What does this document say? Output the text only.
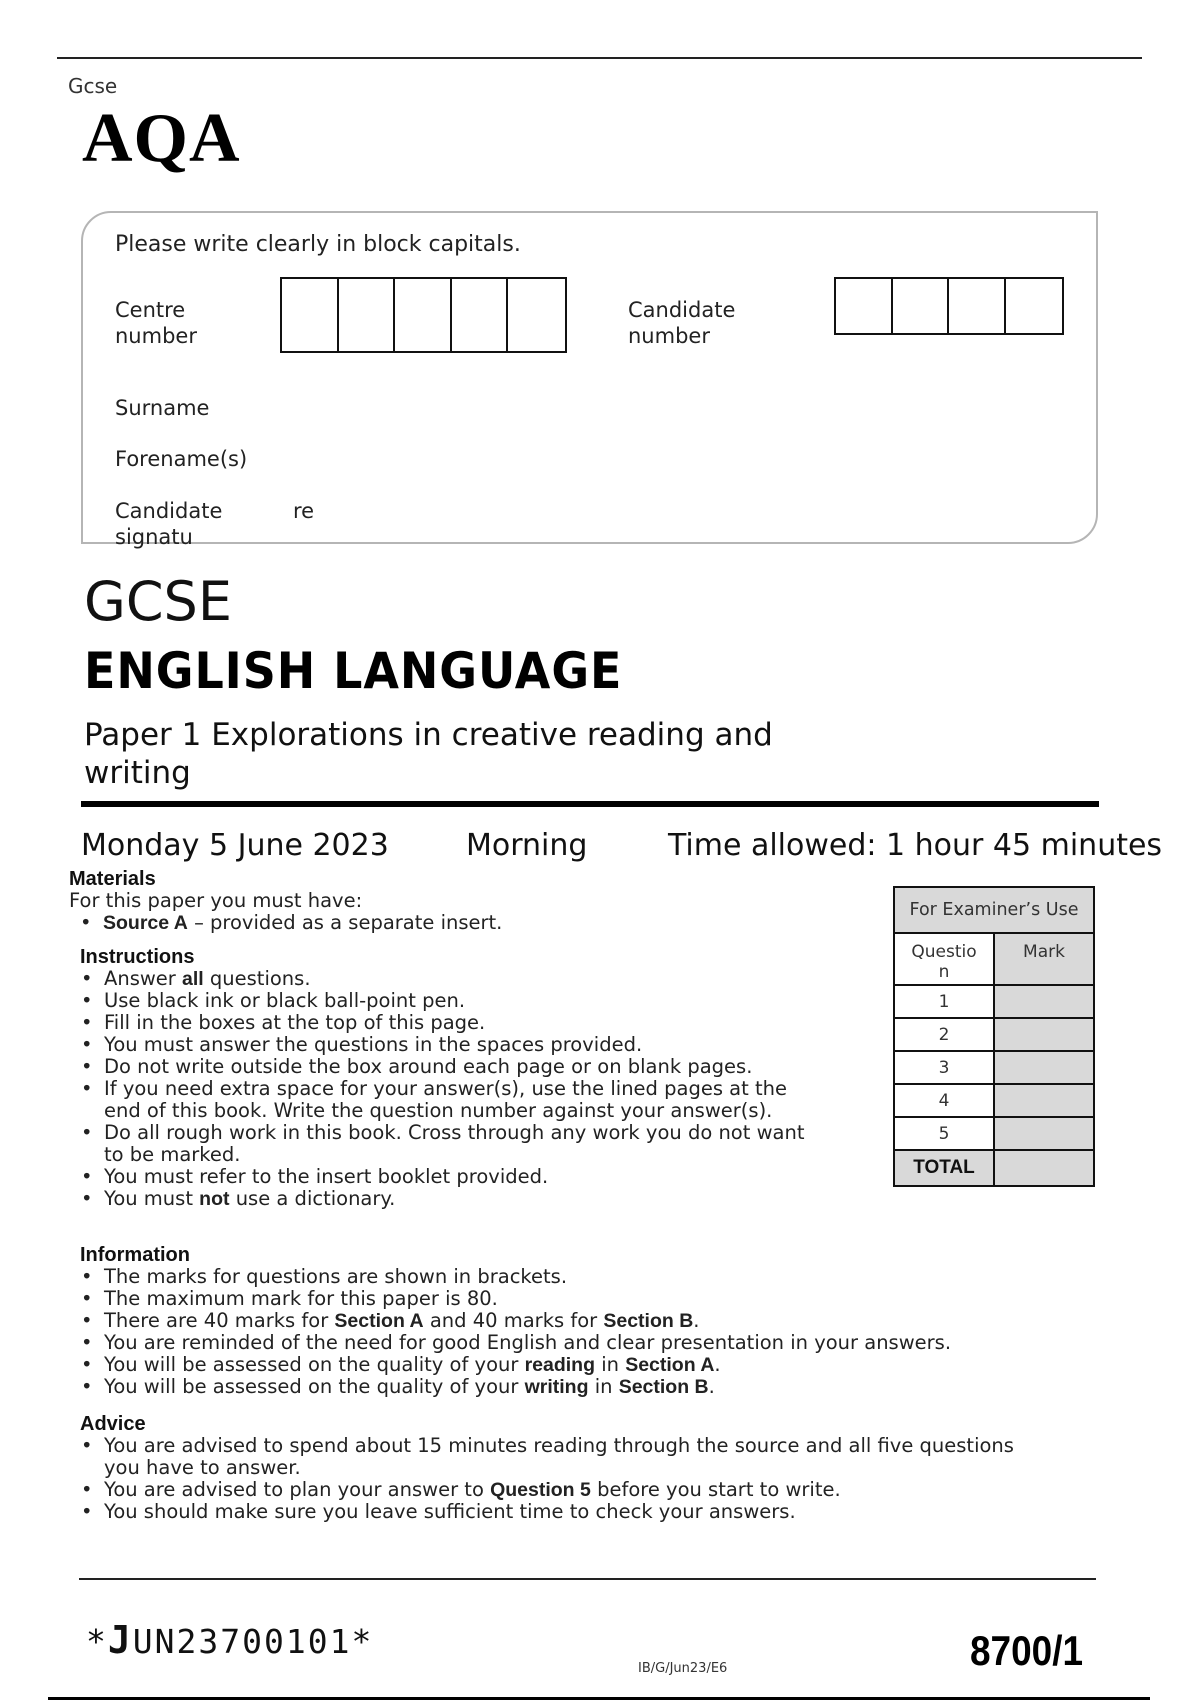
Gcse
AQA
Please write clearly in block capitals.
Centre
number
Candidate
number
Surname
Forename(s)
Candidate
signatu
re
GCSE
ENGLISH LANGUAGE
Paper 1 Explorations in creative reading and
writing
Monday 5 June 2023	Morning	Time allowed: 1 hour 45 minutes
Materials
For this paper you must have:
• Source A – provided as a separate insert.
Instructions
• Answer all questions.
• Use black ink or black ball-point pen.
• Fill in the boxes at the top of this page.
• You must answer the questions in the spaces provided.
• Do not write outside the box around each page or on blank pages.
• If you need extra space for your answer(s), use the lined pages at the end of this book. Write the question number against your answer(s).
• Do all rough work in this book. Cross through any work you do not want to be marked.
• You must refer to the insert booklet provided.
• You must not use a dictionary.
Information
• The marks for questions are shown in brackets.
• The maximum mark for this paper is 80.
• There are 40 marks for Section A and 40 marks for Section B.
• You are reminded of the need for good English and clear presentation in your answers.
• You will be assessed on the quality of your reading in Section A.
• You will be assessed on the quality of your writing in Section B.
Advice
• You are advised to spend about 15 minutes reading through the source and all five questions you have to answer.
• You are advised to plan your answer to Question 5 before you start to write.
• You should make sure you leave sufficient time to check your answers.
For Examiner’s Use	

Questio
n	Mark
1	
2	
3	
4	
5	
TOTAL	
*JUN23700101*
IB/G/Jun23/E6	8700/1
